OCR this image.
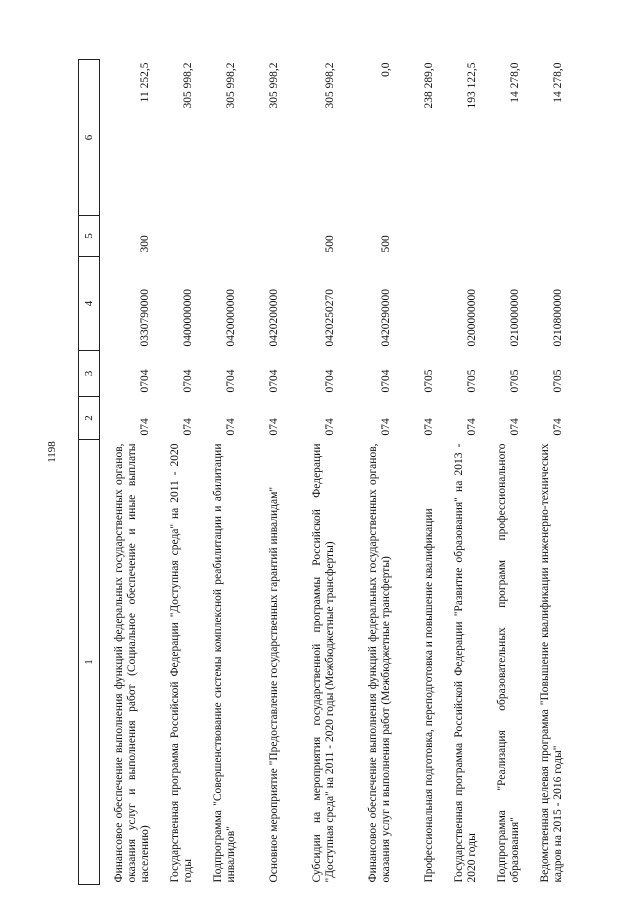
1198
1	2	3	4	5	6
Финансовое обеспечение выполнения функций федеральных государственных органов, оказания услуг и выполнения работ (Социальное обеспечение и иные выплаты населению)	074	0704	0330790000	300	11 252,5
Государственная программа Российской Федерации "Доступная среда" на 2011 - 2020 годы	074	0704	0400000000		305 998,2
Подпрограмма "Совершенствование системы комплексной реабилитации и абилитации инвалидов"	074	0704	0420000000		305 998,2
Основное мероприятие "Предоставление государственных гарантий инвалидам"	074	0704	0420200000		305 998,2
Субсидии на мероприятия государственной программы Российской Федерации "Доступная среда" на 2011 - 2020 годы (Межбюджетные трансферты)	074	0704	0420250270	500	305 998,2
Финансовое обеспечение выполнения функций федеральных государственных органов, оказания услуг и выполнения работ (Межбюджетные трансферты)	074	0704	0420290000	500	0,0
Профессиональная подготовка, переподготовка и повышение квалификации	074	0705			238 289,0
Государственная программа Российской Федерации "Развитие образования" на 2013 - 2020 годы	074	0705	0200000000		193 122,5
Подпрограмма "Реализация образовательных программ профессионального образования"	074	0705	0210000000		14 278,0
Ведомственная целевая программа "Повышение квалификации инженерно-технических кадров на 2015 - 2016 годы"	074	0705	0210800000		14 278,0
